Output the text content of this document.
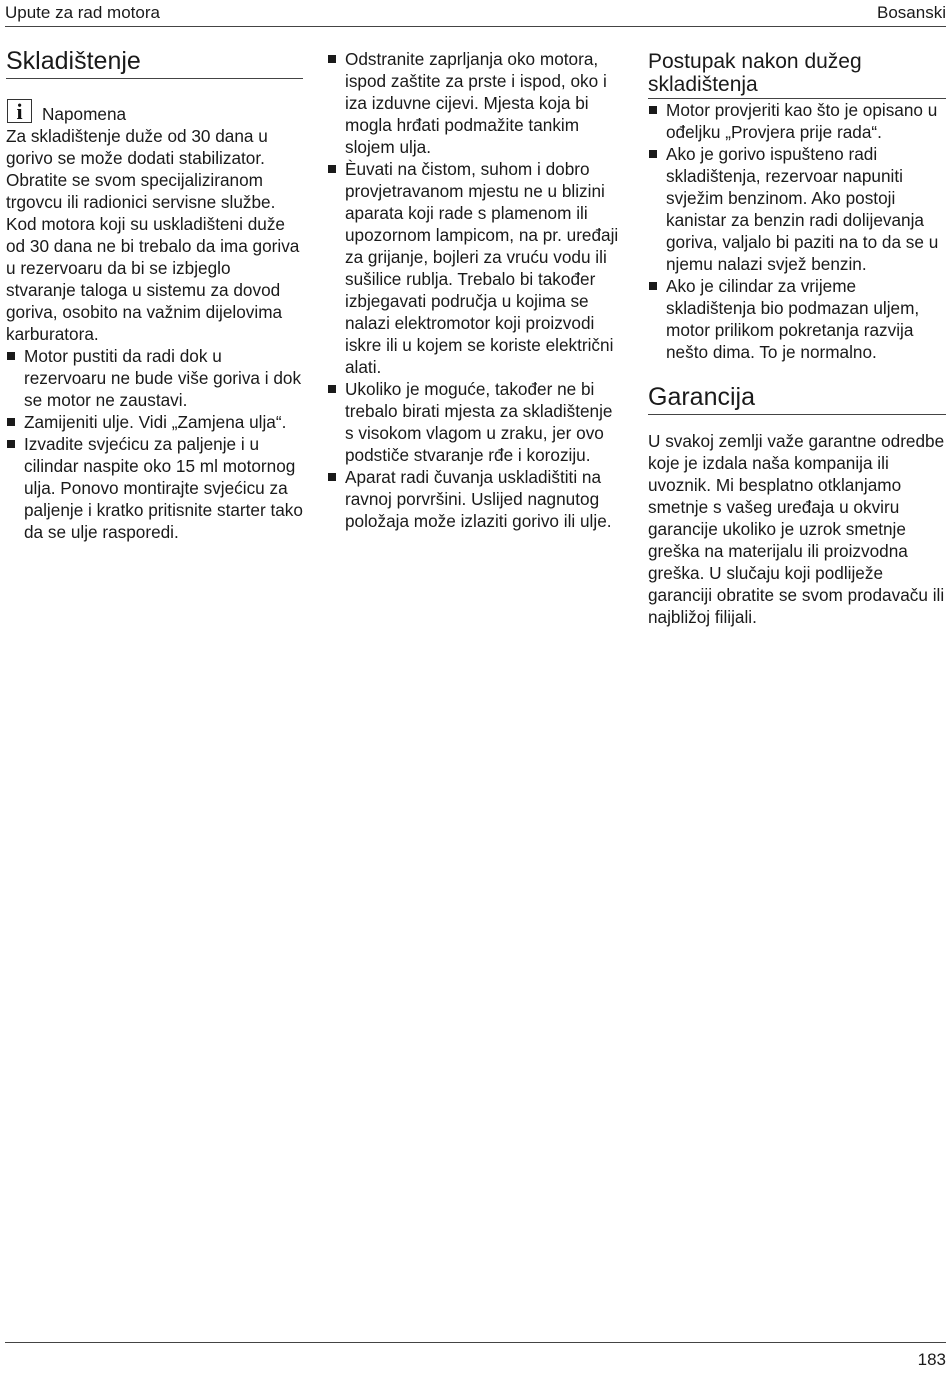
Upute za rad motora	Bosanski
Skladištenje
i	Napomena

Za skladištenje duže od 30 dana u gorivo se može dodati stabilizator. Obratite se svom specijaliziranom trgovcu ili radionici servisne službe. Kod motora koji su uskladišteni duže od 30 dana ne bi trebalo da ima goriva u rezervoaru da bi se izbjeglo stvaranje taloga u sistemu za dovod goriva, osobito na važnim dijelovima karburatora.

Motor pustiti da radi dok u rezervoaru ne bude više goriva i dok se motor ne zaustavi.
Zamijeniti ulje. Vidi „Zamjena ulja“.
Izvadite svjećicu za paljenje i u cilindar naspite oko 15 ml motornog ulja. Ponovo montirajte svjećicu za paljenje i kratko pritisnite starter tako da se ulje rasporedi.
Odstranite zaprljanja oko motora, ispod zaštite za prste i ispod, oko i iza izduvne cijevi. Mjesta koja bi mogla hrđati podmažite tankim slojem ulja.
Èuvati na čistom, suhom i dobro provjetravanom mjestu ne u blizini aparata koji rade s plamenom ili upozornom lampicom, na pr. uređaji za grijanje, bojleri za vruću vodu ili sušilice rublja. Trebalo bi također izbjegavati područja u kojima se nalazi elektromotor koji proizvodi iskre ili u kojem se koriste električni alati.
Ukoliko je moguće, također ne bi trebalo birati mjesta za skladištenje s visokom vlagom u zraku, jer ovo podstiče stvaranje rđe i koroziju.
Aparat radi čuvanja uskladištiti na ravnoj porvršini. Uslijed nagnutog položaja može izlaziti gorivo ili ulje.
Postupak nakon dužeg skladištenja
Motor provjeriti kao što je opisano u ođeljku „Provjera prije rada“.
Ako je gorivo ispušteno radi skladištenja, rezervoar napuniti svježim benzinom. Ako postoji kanistar za benzin radi dolijevanja goriva, valjalo bi paziti na to da se u njemu nalazi svjež benzin.
Ako je cilindar za vrijeme skladištenja bio podmazan uljem, motor prilikom pokretanja razvija nešto dima. To je normalno.
Garancija

U svakoj zemlji važe garantne odredbe koje je izdala naša kompanija ili uvoznik. Mi besplatno otklanjamo smetnje s vašeg uređaja u okviru garancije ukoliko je uzrok smetnje greška na materijalu ili proizvodna greška. U slučaju koji podliježe garanciji obratite se svom prodavaču ili najbližoj filijali.

183
